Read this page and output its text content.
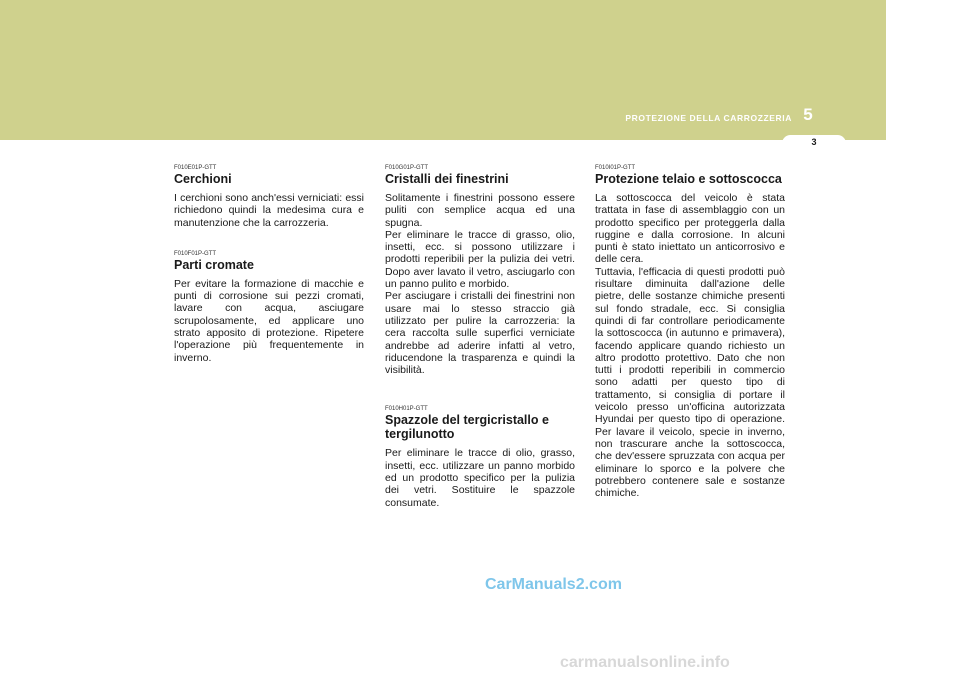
PROTEZIONE DELLA CARROZZERIA 5
3
F010E01P-GTT
Cerchioni

I cerchioni sono anch'essi verniciati: essi richiedono quindi la medesima cura e manutenzione che la carrozzeria.

F010F01P-GTT
Parti cromate

Per evitare la formazione di macchie e punti di corrosione sui pezzi cromati, lavare con acqua, asciugare scrupolosamente, ed applicare uno strato apposito di protezione. Ripetere l'operazione più frequentemente in inverno.

F010G01P-GTT
Cristalli dei finestrini

Solitamente i finestrini possono essere puliti con semplice acqua ed una spugna.
Per eliminare le tracce di grasso, olio, insetti, ecc. si possono utilizzare i prodotti reperibili per la pulizia dei vetri. Dopo aver lavato il vetro, asciugarlo con un panno pulito e morbido.
Per asciugare i cristalli dei finestrini non usare mai lo stesso straccio già utilizzato per pulire la carrozzeria: la cera raccolta sulle superfici verniciate andrebbe ad aderire infatti al vetro, riducendone la trasparenza e quindi la visibilità.

F010H01P-GTT
Spazzole del tergicristallo e tergilunotto

Per eliminare le tracce di olio, grasso, insetti, ecc. utilizzare un panno morbido ed un prodotto specifico per la pulizia dei vetri. Sostituire le spazzole consumate.

F010I01P-GTT
Protezione telaio e sottoscocca

La sottoscocca del veicolo è stata trattata in fase di assemblaggio con un prodotto specifico per proteggerla dalla ruggine e dalla corrosione. In alcuni punti è stato iniettato un anticorrosivo e delle cera.
Tuttavia, l'efficacia di questi prodotti può risultare diminuita dall'azione delle pietre, delle sostanze chimiche presenti sul fondo stradale, ecc. Si consiglia quindi di far controllare periodicamente la sottoscocca (in autunno e primavera), facendo applicare quando richiesto un altro prodotto protettivo. Dato che non tutti i prodotti reperibili in commercio sono adatti per questo tipo di trattamento, si consiglia di portare il veicolo presso un'officina autorizzata Hyundai per questo tipo di operazione. Per lavare il veicolo, specie in inverno, non trascurare anche la sottoscocca, che dev'essere spruzzata con acqua per eliminare lo sporco e la polvere che potrebbero contenere sale e sostanze chimiche.

CarManuals2.com
carmanualsonline.info
